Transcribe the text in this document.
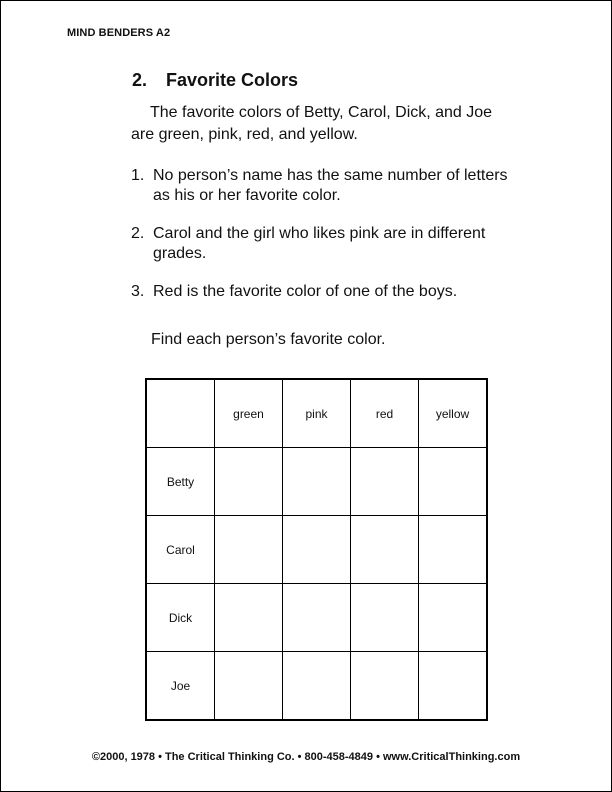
MIND BENDERS A2
2. Favorite Colors
The favorite colors of Betty, Carol, Dick, and Joe are green, pink, red, and yellow.
1. No person’s name has the same number of letters as his or her favorite color.
2. Carol and the girl who likes pink are in different grades.
3. Red is the favorite color of one of the boys.
Find each person’s favorite color.
	green	pink	red	yellow
Betty				
Carol				
Dick				
Joe				
©2000, 1978 • The Critical Thinking Co. • 800-458-4849 • www.CriticalThinking.com
